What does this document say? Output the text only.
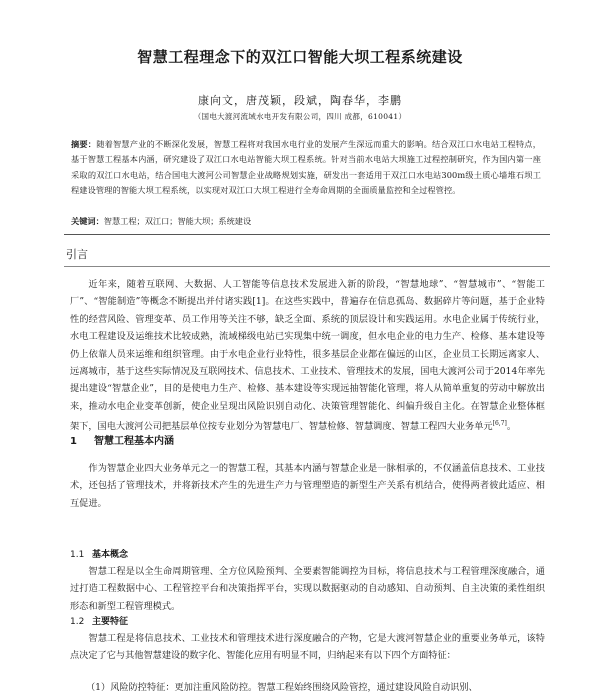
智慧工程理念下的双江口智能大坝工程系统建设
康向文，唐茂颖，段斌，陶春华，李鹏
（国电大渡河流域水电开发有限公司，四川 成都，610041）
摘要：随着智慧产业的不断深化发展，智慧工程将对我国水电行业的发展产生深远而重大的影响。结合双江口水电站工程特点，基于智慧工程基本内涵，研究建设了双江口水电站智能大坝工程系统。针对当前水电站大坝施工过程控制研究，作为国内第一座采取的双江口水电站，结合国电大渡河公司智慧企业战略规划实施，研发出一套适用于双江口水电站300m级土质心墙堆石坝工程建设管理的智能大坝工程系统，以实现对双江口大坝工程进行全寿命周期的全面质量监控和全过程管控。
关键词：智慧工程；双江口；智能大坝；系统建设
引言

近年来，随着互联网、大数据、人工智能等信息技术发展进入新的阶段，“智慧地球”、“智慧城市”、“智能工厂”、“智能制造”等概念不断提出并付诸实践[1]。在这些实践中，普遍存在信息孤岛、数据碎片等问题，基于企业特性的经营风险、管理变革、员工作用等关注不够，缺乏全面、系统的顶层设计和实践运用。水电企业属于传统行业，水电工程建设及运维技术比较成熟，流域梯级电站已实现集中统一调度，但水电企业的电力生产、检修、基本建设等仍上依靠人员来运维和组织管理。由于水电企业行业特性，很多基层企业都在偏远的山区，企业员工长期远离家人、远离城市，基于这些实际情况及互联网技术、信息技术、工业技术、管理技术的发展，国电大渡河公司于2014年率先提出建设“智慧企业”，目的是使电力生产、检修、基本建设等实现远抽智能化管理，将人从简单重复的劳动中解放出来，推动水电企业变革创新，使企业呈现出风险识别自动化、决策管理智能化、纠偏升级自主化。在智慧企业整体框架下，国电大渡河公司把基层单位按专业划分为智慧电厂、智慧检修、智慧调度、智慧工程四大业务单元[6,7]。

1 智慧工程基本内涵

作为智慧企业四大业务单元之一的智慧工程，其基本内涵与智慧企业是一脉相承的，不仅涵盖信息技术、工业技术，还包括了管理技术，并将新技术产生的先进生产力与管理塑造的新型生产关系有机结合，使得两者彼此适应、相互促进。

1.1 基本概念

智慧工程是以全生命周期管理、全方位风险预判、全要素智能调控为目标，将信息技术与工程管理深度融合，通过打造工程数据中心、工程管控平台和决策指挥平台，实现以数据驱动的自动感知、自动预判、自主决策的柔性组织形态和新型工程管理模式。

1.2 主要特征

智慧工程是将信息技术、工业技术和管理技术进行深度融合的产物，它是大渡河智慧企业的重要业务单元，该特点决定了它与其他智慧建设的数字化、智能化应用有明显不同，归纳起来有以下四个方面特征：

（1）风险防控特征：更加注重风险防控。智慧工程始终围绕风险管控，通过建设风险自动识别、
